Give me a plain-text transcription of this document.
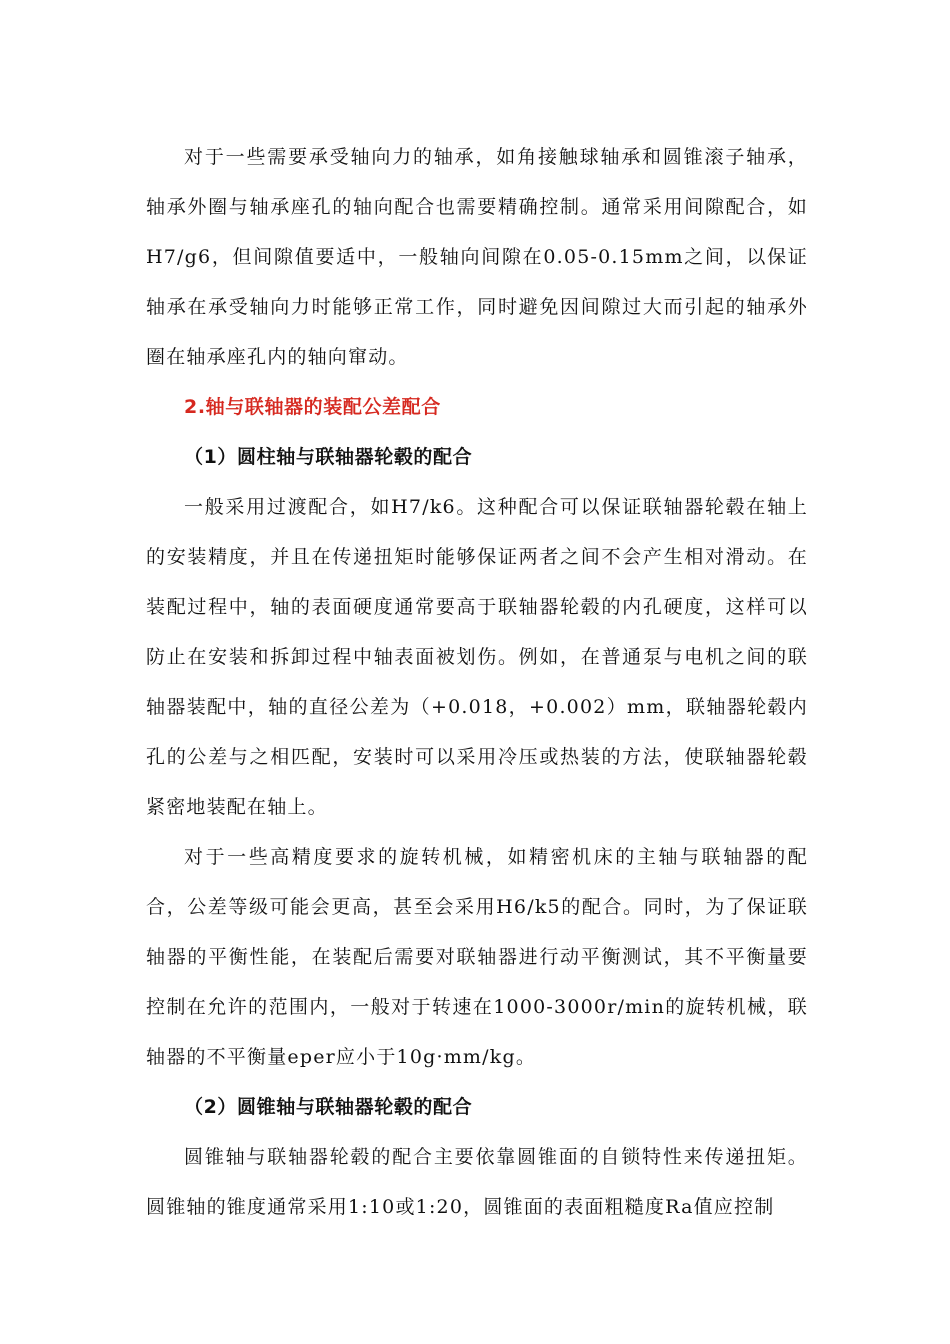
对于一些需要承受轴向力的轴承，如角接触球轴承和圆锥滚子轴承，轴承外圈与轴承座孔的轴向配合也需要精确控制。通常采用间隙配合，如H7/g6，但间隙值要适中，一般轴向间隙在0.05-0.15mm之间，以保证轴承在承受轴向力时能够正常工作，同时避免因间隙过大而引起的轴承外圈在轴承座孔内的轴向窜动。

2.轴与联轴器的装配公差配合

（1）圆柱轴与联轴器轮毂的配合

一般采用过渡配合，如H7/k6。这种配合可以保证联轴器轮毂在轴上的安装精度，并且在传递扭矩时能够保证两者之间不会产生相对滑动。在装配过程中，轴的表面硬度通常要高于联轴器轮毂的内孔硬度，这样可以防止在安装和拆卸过程中轴表面被划伤。例如，在普通泵与电机之间的联轴器装配中，轴的直径公差为（+0.018，+0.002）mm，联轴器轮毂内孔的公差与之相匹配，安装时可以采用冷压或热装的方法，使联轴器轮毂紧密地装配在轴上。

对于一些高精度要求的旋转机械，如精密机床的主轴与联轴器的配合，公差等级可能会更高，甚至会采用H6/k5的配合。同时，为了保证联轴器的平衡性能，在装配后需要对联轴器进行动平衡测试，其不平衡量要控制在允许的范围内，一般对于转速在1000-3000r/min的旋转机械，联轴器的不平衡量eper应小于10g·mm/kg。

（2）圆锥轴与联轴器轮毂的配合

圆锥轴与联轴器轮毂的配合主要依靠圆锥面的自锁特性来传递扭矩。圆锥轴的锥度通常采用1:10或1:20，圆锥面的表面粗糙度Ra值应控制
